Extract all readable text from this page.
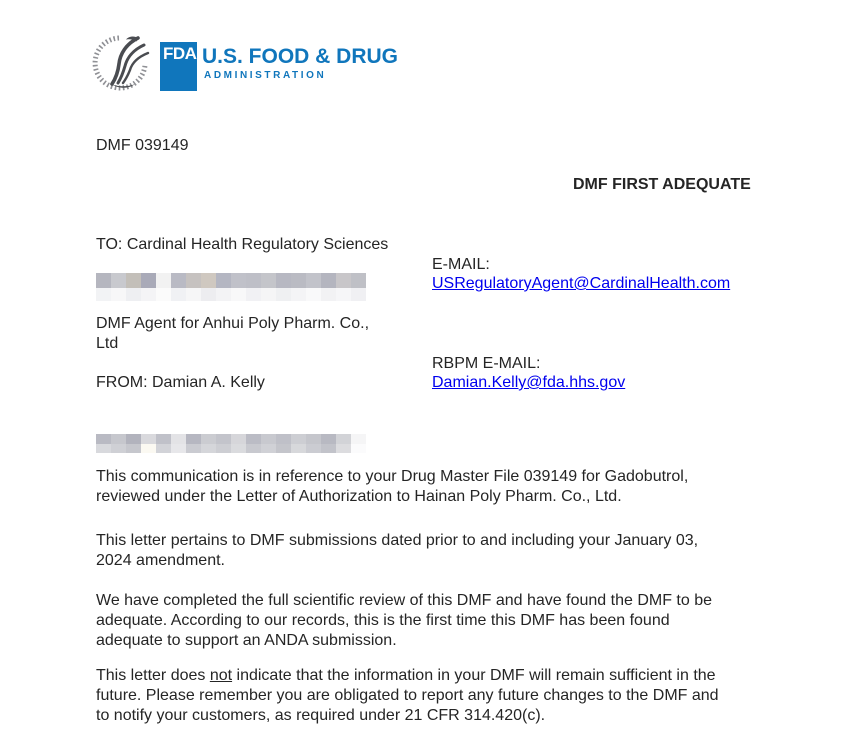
FDA U.S. FOOD & DRUG
ADMINISTRATION
DMF 039149
DMF FIRST ADEQUATE
TO: Cardinal Health Regulatory Sciences
E-MAIL:
USRegulatoryAgent@CardinalHealth.com
DMF Agent for Anhui Poly Pharm. Co.,
Ltd
RBPM E-MAIL:
Damian.Kelly@fda.hhs.gov
FROM: Damian A. Kelly
This communication is in reference to your Drug Master File 039149 for Gadobutrol,
reviewed under the Letter of Authorization to Hainan Poly Pharm. Co., Ltd.
This letter pertains to DMF submissions dated prior to and including your January 03,
2024 amendment.
We have completed the full scientific review of this DMF and have found the DMF to be
adequate. According to our records, this is the first time this DMF has been found
adequate to support an ANDA submission.
This letter does not indicate that the information in your DMF will remain sufficient in the
future. Please remember you are obligated to report any future changes to the DMF and
to notify your customers, as required under 21 CFR 314.420(c).
